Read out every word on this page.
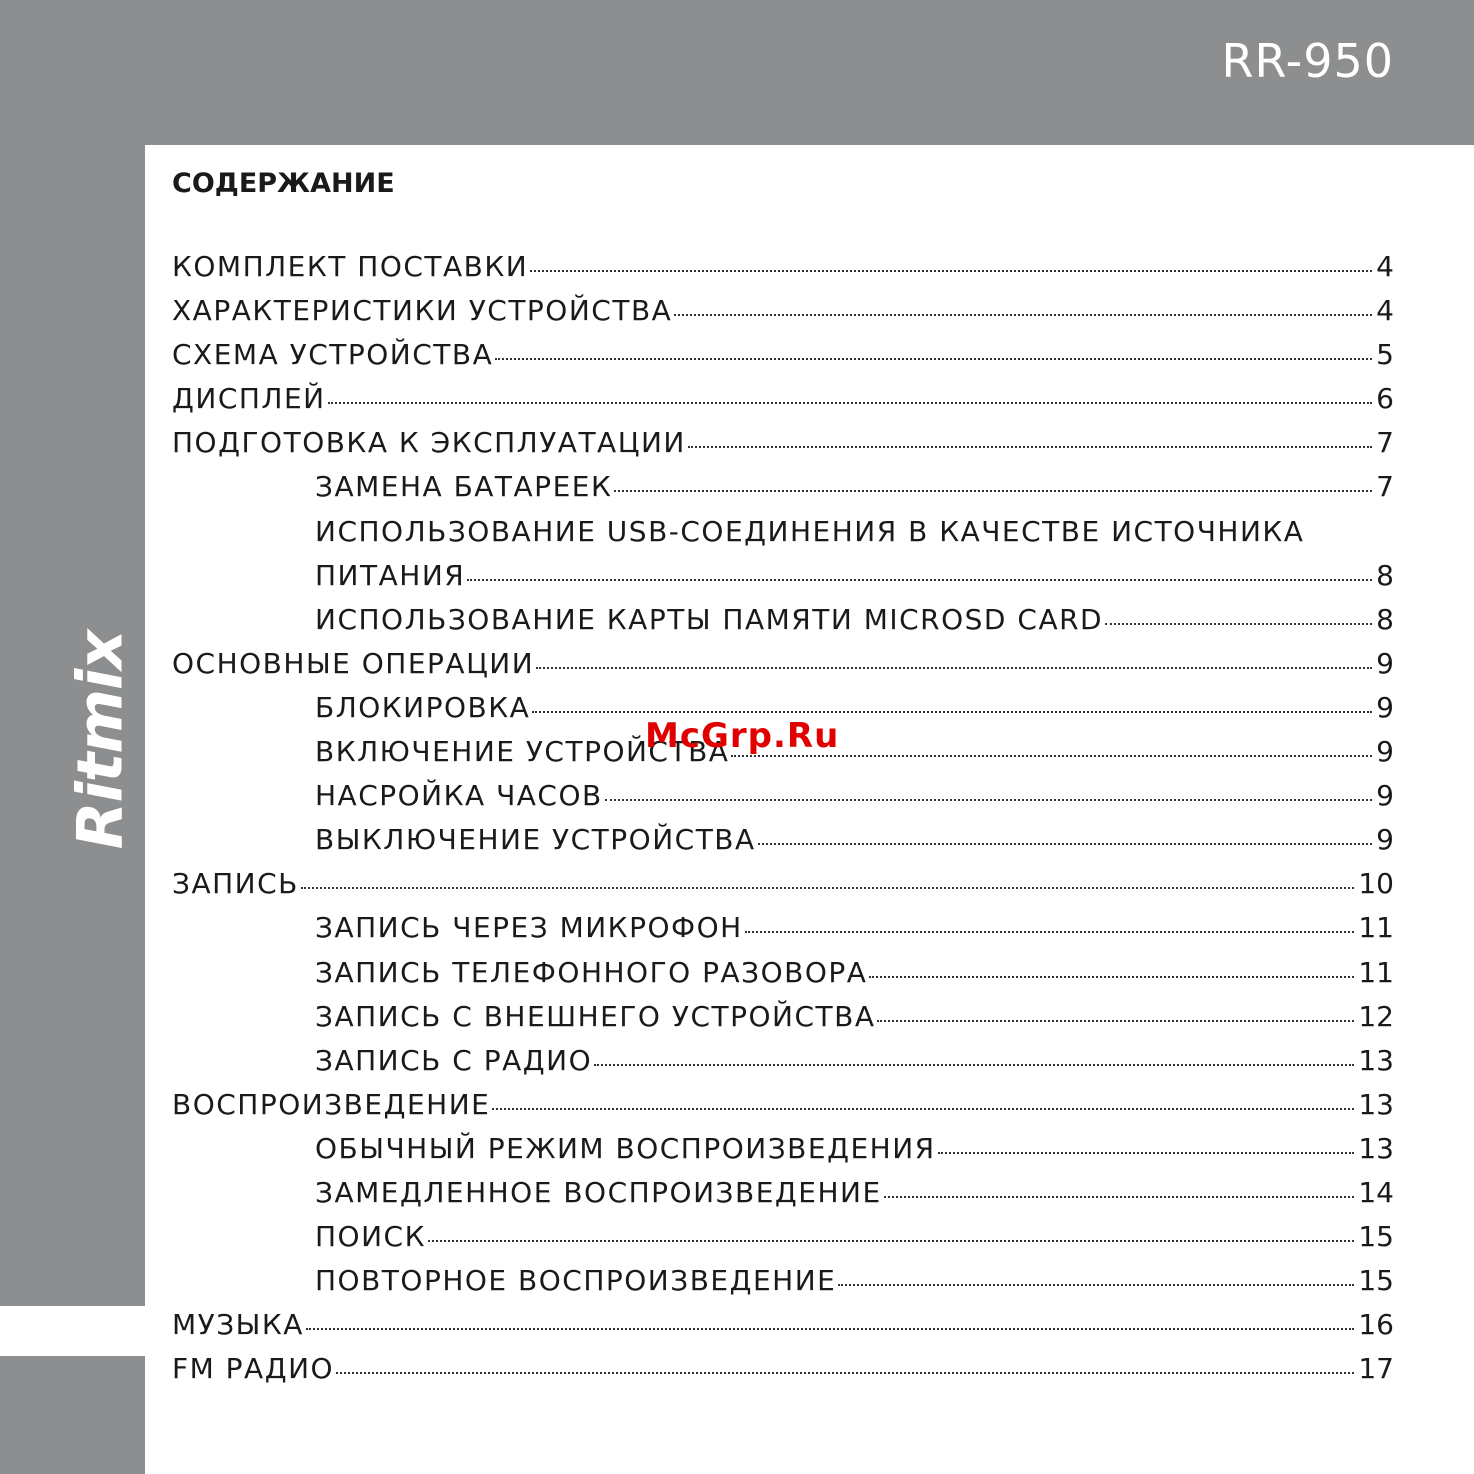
RR-950
Ritmix
СОДЕРЖАНИЕ
КОМПЛЕКТ ПОСТАВКИ	4
ХАРАКТЕРИСТИКИ УСТРОЙСТВА	4
СХЕМА УСТРОЙСТВА	5
ДИСПЛЕЙ	6
ПОДГОТОВКА К ЭКСПЛУАТАЦИИ	7
ЗАМЕНА БАТАРЕЕК	7
ИСПОЛЬЗОВАНИЕ USB-СОЕДИНЕНИЯ В КАЧЕСТВЕ ИСТОЧНИКА
ПИТАНИЯ	8
ИСПОЛЬЗОВАНИЕ КАРТЫ ПАМЯТИ MICROSD CARD	8
ОСНОВНЫЕ ОПЕРАЦИИ	9
БЛОКИРОВКА	9
ВКЛЮЧЕНИЕ УСТРОЙСТВА	9
НАСРОЙКА ЧАСОВ	9
ВЫКЛЮЧЕНИЕ УСТРОЙСТВА	9
ЗАПИСЬ	10
ЗАПИСЬ ЧЕРЕЗ МИКРОФОН	11
ЗАПИСЬ ТЕЛЕФОННОГО РАЗОВОРА	11
ЗАПИСЬ С ВНЕШНЕГО УСТРОЙСТВА	12
ЗАПИСЬ С РАДИО	13
ВОСПРОИЗВЕДЕНИЕ	13
ОБЫЧНЫЙ РЕЖИМ ВОСПРОИЗВЕДЕНИЯ	13
ЗАМЕДЛЕННОЕ ВОСПРОИЗВЕДЕНИЕ	14
ПОИСК	15
ПОВТОРНОЕ ВОСПРОИЗВЕДЕНИЕ	15
МУЗЫКА	16
FM РАДИО	17
McGrp.Ru
